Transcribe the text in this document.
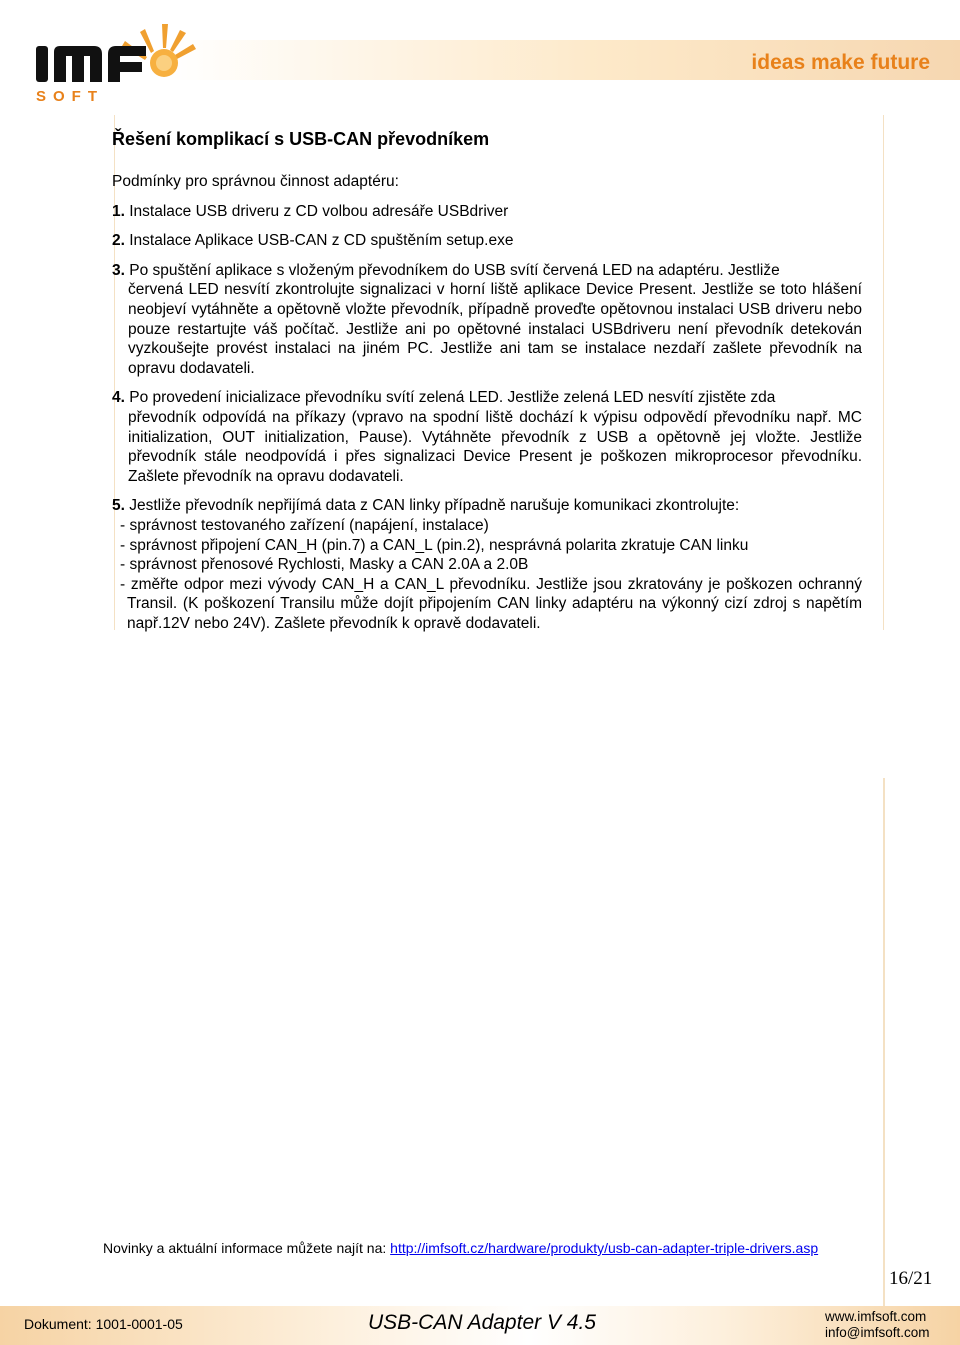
SOFT
ideas make future
Řešení komplikací s USB-CAN převodníkem
Podmínky pro správnou činnost adaptéru:
1. Instalace USB driveru z CD volbou adresáře USBdriver
2. Instalace Aplikace USB-CAN z CD spuštěním setup.exe
3. Po spuštění aplikace s vloženým převodníkem do USB svítí červená LED na adaptéru. Jestliže
červená LED nesvítí zkontrolujte signalizaci v horní liště aplikace Device Present. Jestliže se toto hlášení neobjeví vytáhněte a opětovně vložte převodník, případně proveďte opětovnou instalaci USB driveru nebo pouze restartujte váš počítač. Jestliže ani po opětovné instalaci USBdriveru není převodník detekován vyzkoušejte provést instalaci na jiném PC. Jestliže ani tam se instalace nezdaří zašlete převodník na opravu dodavateli.
4. Po provedení inicializace převodníku svítí zelená LED. Jestliže zelená LED nesvítí zjistěte zda
převodník odpovídá na příkazy (vpravo na spodní liště dochází k výpisu odpovědí převodníku např. MC initialization, OUT initialization, Pause). Vytáhněte převodník z USB a opětovně jej vložte. Jestliže převodník stále neodpovídá i přes signalizaci Device Present je poškozen mikroprocesor převodníku. Zašlete převodník na opravu dodavateli.
5. Jestliže převodník nepřijímá data z CAN linky případně narušuje komunikaci zkontrolujte:
- správnost testovaného zařízení (napájení, instalace)
- správnost připojení CAN_H (pin.7) a CAN_L (pin.2), nesprávná polarita zkratuje CAN linku
- správnost přenosové Rychlosti, Masky a CAN 2.0A a 2.0B
- změřte odpor mezi vývody CAN_H a CAN_L převodníku. Jestliže jsou zkratovány je poškozen ochranný Transil. (K poškození Transilu může dojít připojením CAN linky adaptéru na výkonný cizí zdroj s napětím např.12V nebo 24V). Zašlete převodník k opravě dodavateli.
Novinky a aktuální informace můžete najít na: http://imfsoft.cz/hardware/produkty/usb-can-adapter-triple-drivers.asp
16/21
Dokument: 1001-0001-05	USB-CAN Adapter V 4.5	www.imfsoft.com
info@imfsoft.com
